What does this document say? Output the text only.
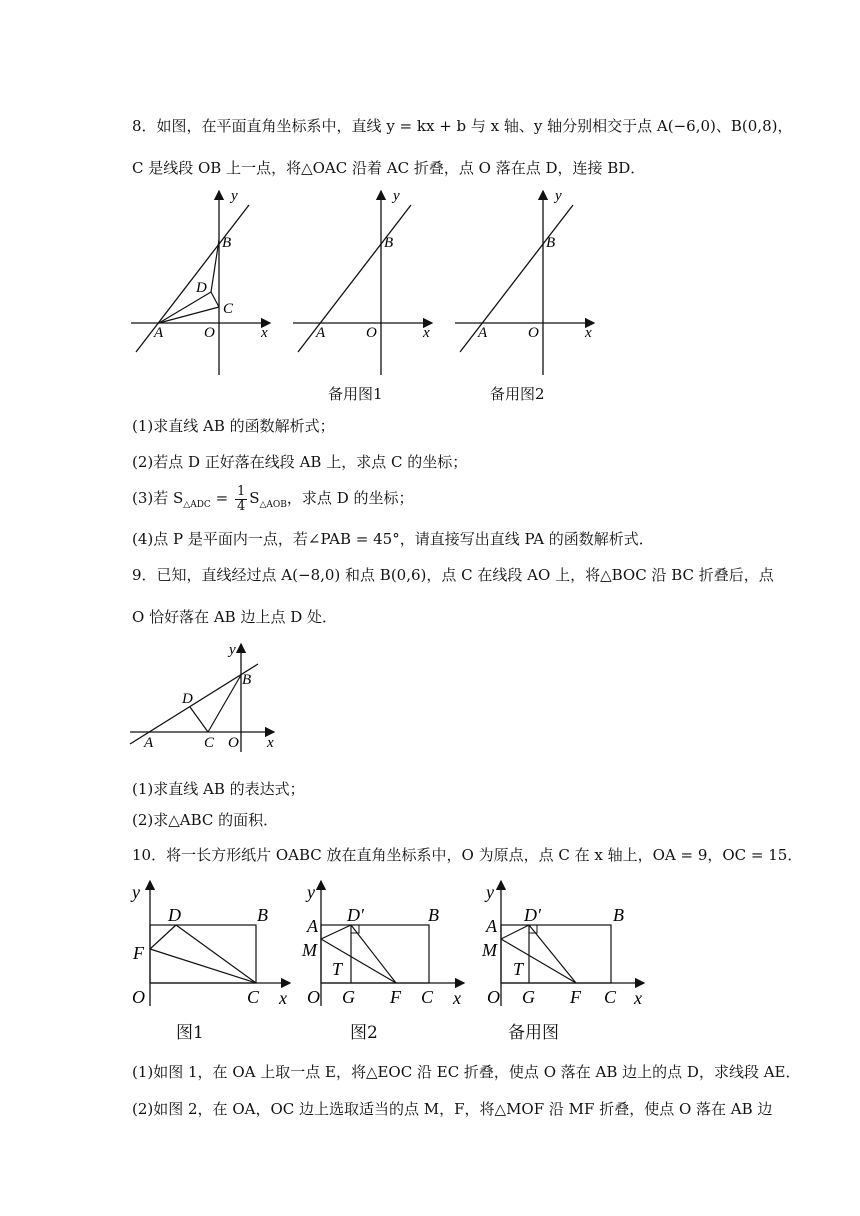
8．如图，在平面直角坐标系中，直线 y = kx + b 与 x 轴、y 轴分别相交于点 A(−6,0)、B(0,8)，
C 是线段 OB 上一点，将△OAC 沿着 AC 折叠，点 O 落在点 D，连接 BD．
y
B
D
C
A	O	x
y
B
A	O	x
备用图1
y
B
A	O	x
备用图2
(1)求直线 AB 的函数解析式；
(2)若点 D 正好落在线段 AB 上，求点 C 的坐标；
(3)若 $S_{\triangle ADC} = \frac{1}{4} S_{\triangle AOB}$，求点 D 的坐标；
(4)点 P 是平面内一点，若∠PAB = 45°，请直接写出直线 PA 的函数解析式．
9．已知，直线经过点 A(−8,0) 和点 B(0,6)，点 C 在线段 AO 上，将△BOC 沿 BC 折叠后，点
O 恰好落在 AB 边上点 D 处．
y
B
D
A	C O x
(1)求直线 AB 的表达式；
(2)求△ABC 的面积．
10．将一长方形纸片 OABC 放在直角坐标系中，O 为原点，点 C 在 x 轴上，OA = 9，OC = 15．
y
D	B
F
O	C x
图1
y
A
D′	B
M
T
O G F C x
图2
y
A
D′	B
M
T
O G F C x
备用图
(1)如图 1，在 OA 上取一点 E，将△EOC 沿 EC 折叠，使点 O 落在 AB 边上的点 D，求线段 AE．
(2)如图 2，在 OA，OC 边上选取适当的点 M，F，将△MOF 沿 MF 折叠，使点 O 落在 AB 边
